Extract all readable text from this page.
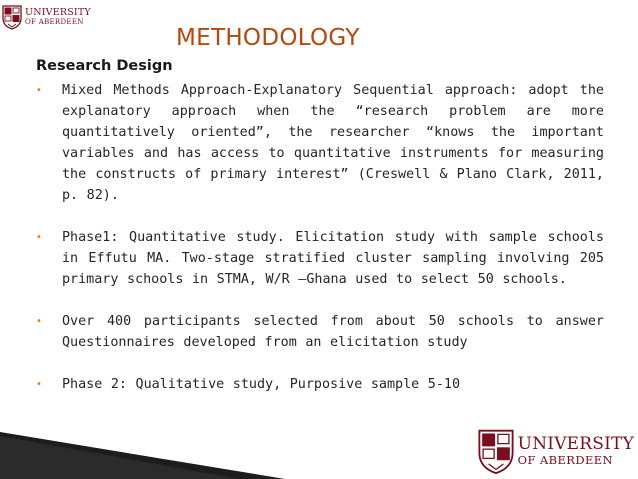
UNIVERSITY
OF ABERDEEN
METHODOLOGY
Research Design
•	Mixed Methods Approach-Explanatory Sequential approach: adopt the explanatory approach when the “research problem are more quantitatively oriented”, the researcher “knows the important variables and has access to quantitative instruments for measuring the constructs of primary interest” (Creswell & Plano Clark, 2011, p. 82).
•	Phase1: Quantitative study. Elicitation study with sample schools in Effutu MA. Two-stage stratified cluster sampling involving 205 primary schools in STMA, W/R –Ghana used to select 50 schools.
•	Over 400 participants selected from about 50 schools to answer Questionnaires developed from an elicitation study
•	Phase 2: Qualitative study, Purposive sample 5-10
UNIVERSITY
OF ABERDEEN
